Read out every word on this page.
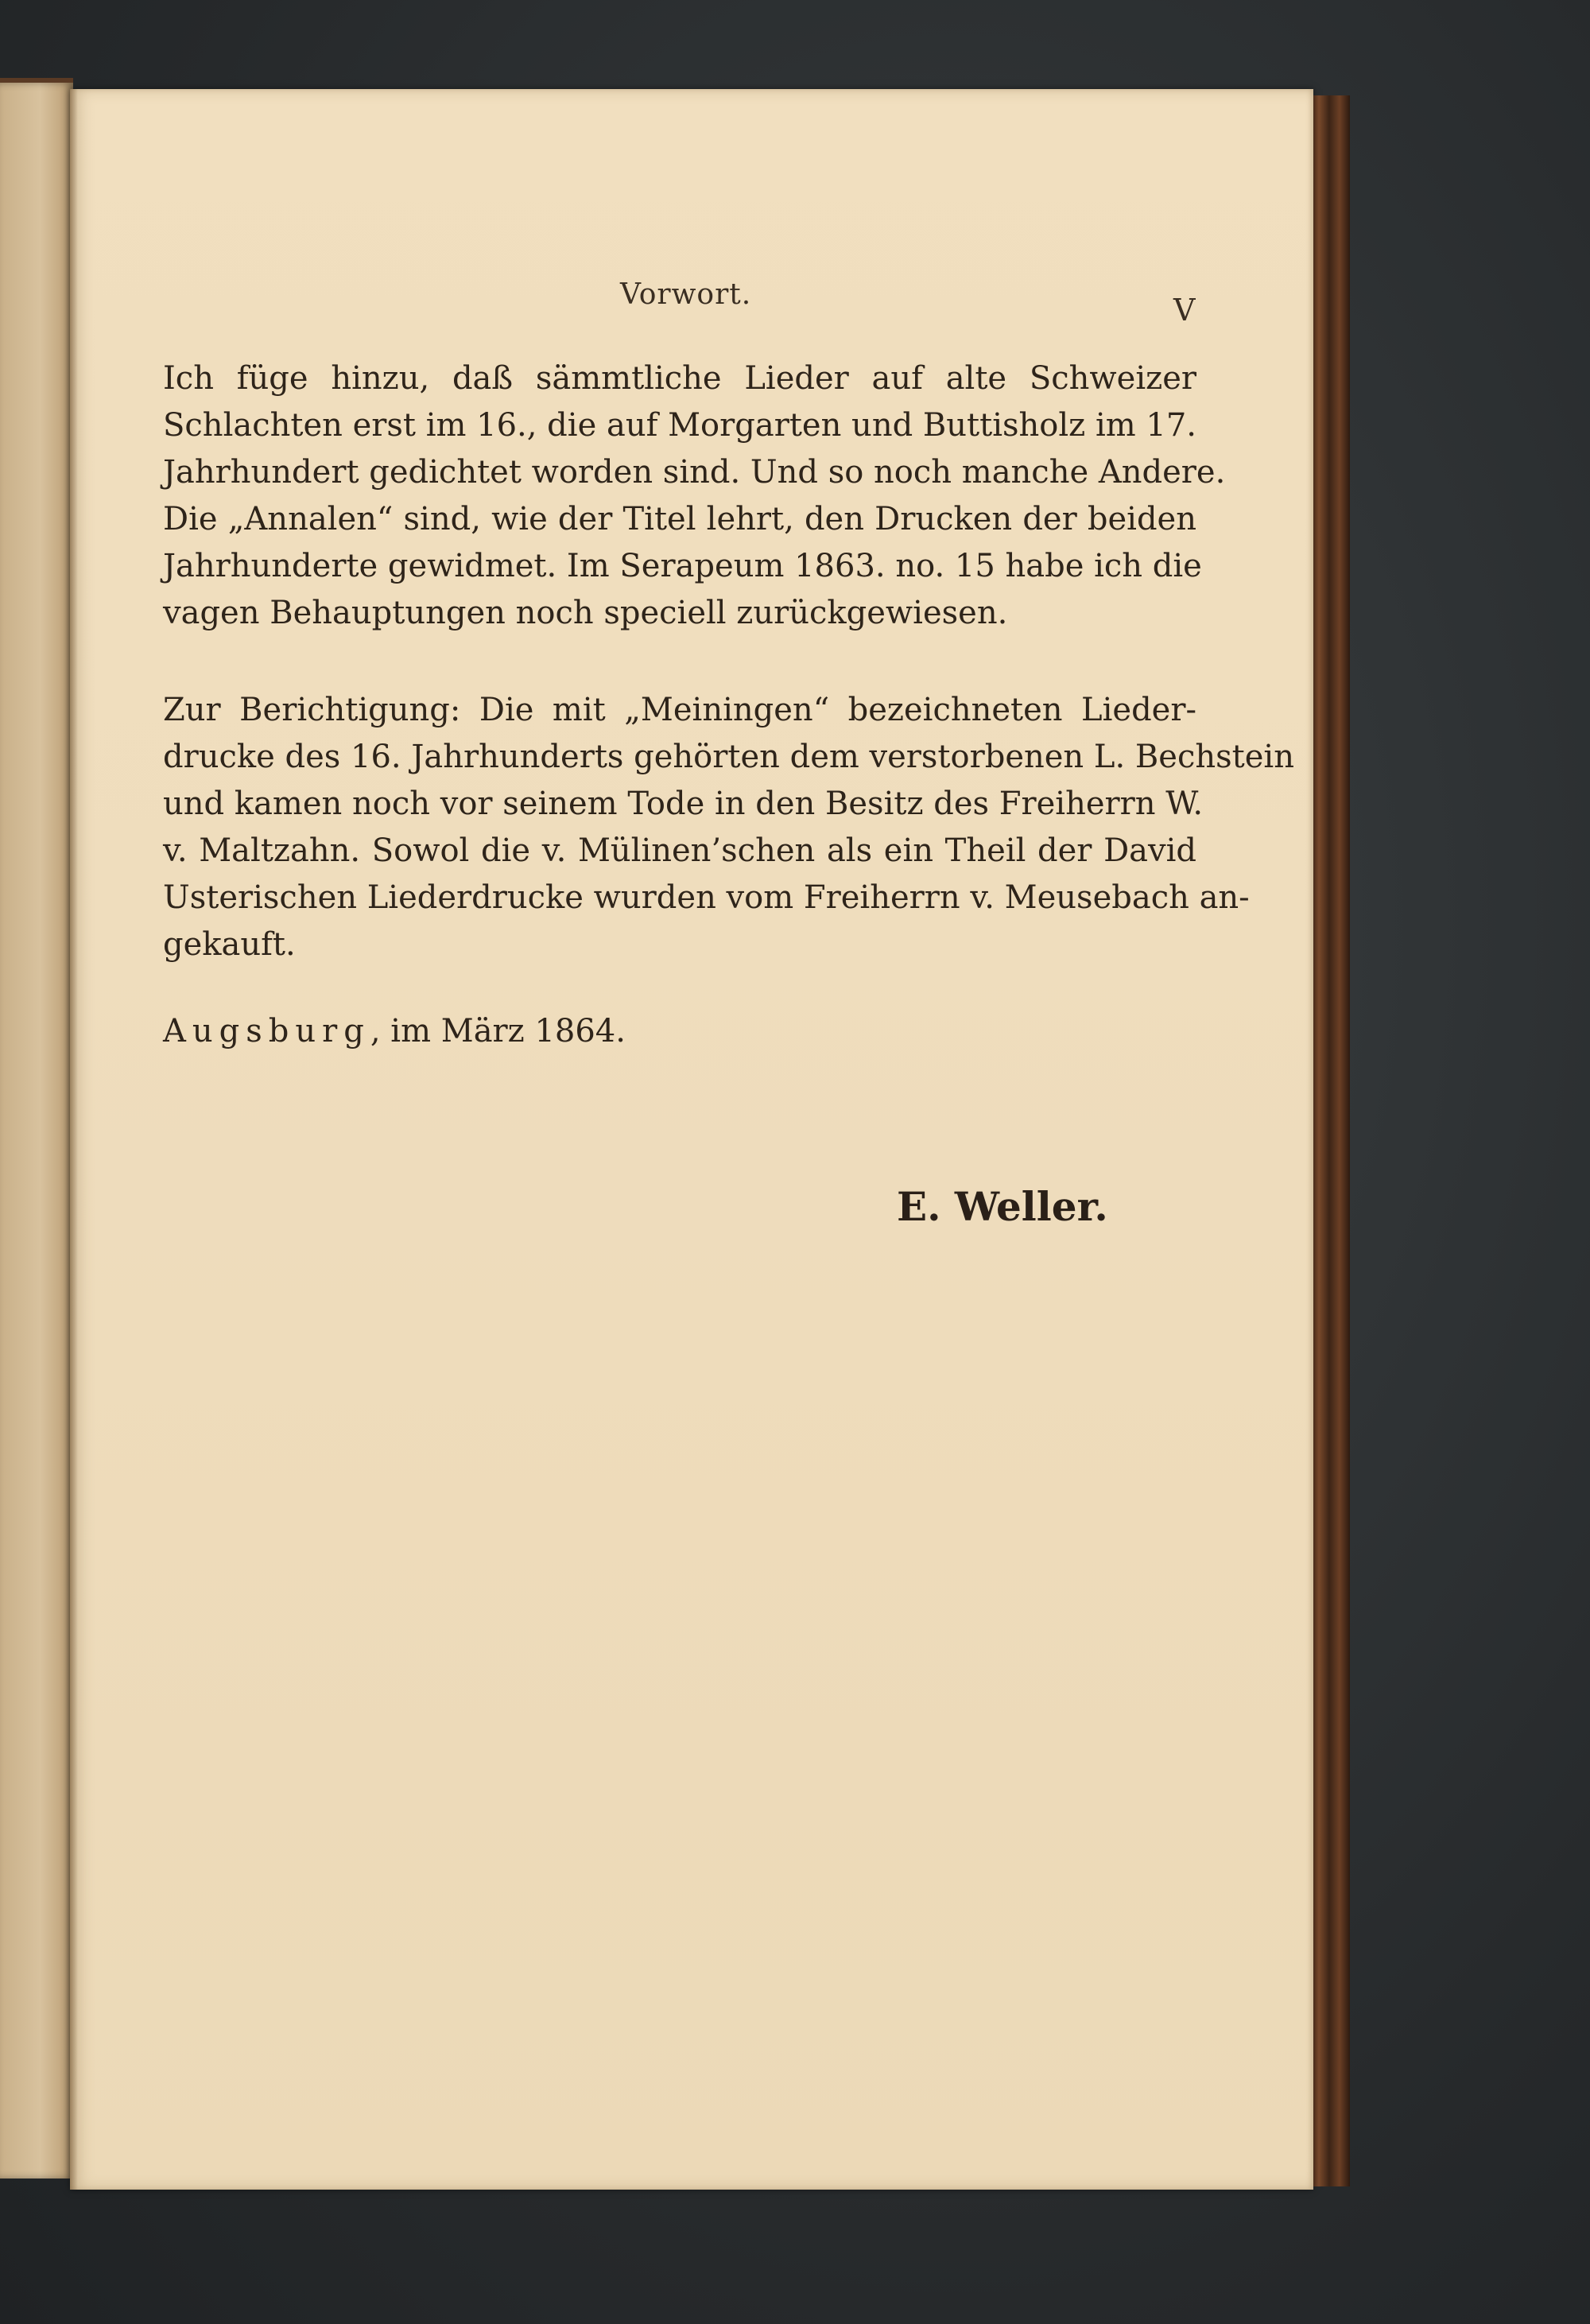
Vorwort.	V

Ich füge hinzu, daß sämmtliche Lieder auf alte Schweizer
Schlachten erst im 16., die auf Morgarten und Buttisholz im 17.
Jahrhundert gedichtet worden sind. Und so noch manche Andere.
Die „Annalen“ sind, wie der Titel lehrt, den Drucken der beiden
Jahrhunderte gewidmet. Im Serapeum 1863. no. 15 habe ich die
vagen Behauptungen noch speciell zurückgewiesen.

Zur Berichtigung: Die mit „Meiningen“ bezeichneten Lieder-
drucke des 16. Jahrhunderts gehörten dem verstorbenen L. Bechstein
und kamen noch vor seinem Tode in den Besitz des Freiherrn W.
v. Maltzahn. Sowol die v. Mülinen’schen als ein Theil der David
Usterischen Liederdrucke wurden vom Freiherrn v. Meusebach an-
gekauft.

Augsburg, im März 1864.

E. Weller.
